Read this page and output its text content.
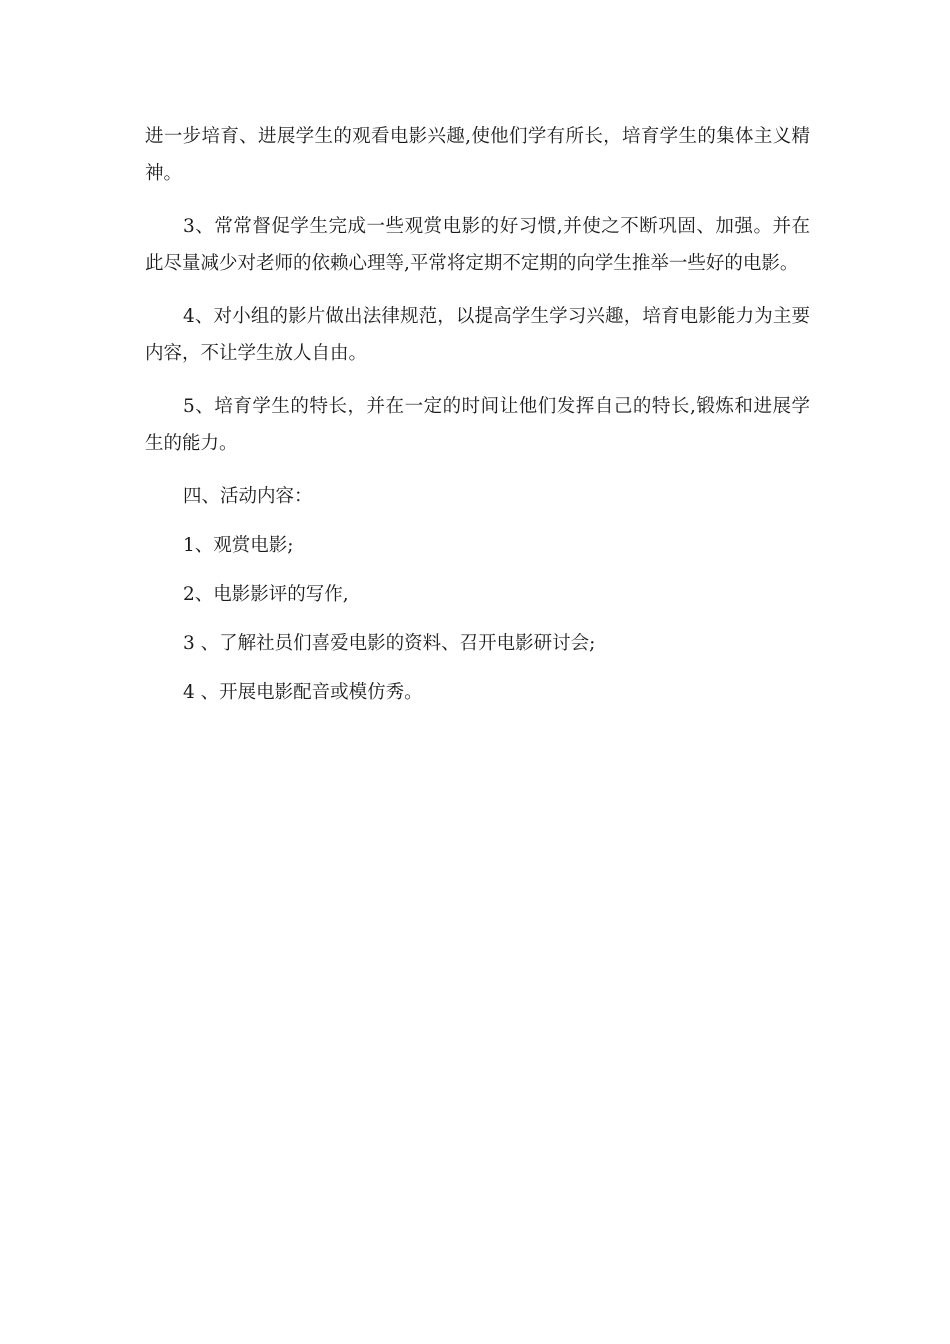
进一步培育、进展学生的观看电影兴趣,使他们学有所长，培育学生的集体主义精神。

3、常常督促学生完成一些观赏电影的好习惯,并使之不断巩固、加强。并在此尽量减少对老师的依赖心理等,平常将定期不定期的向学生推举一些好的电影。

4、对小组的影片做出法律规范，以提高学生学习兴趣，培育电影能力为主要内容，不让学生放人自由。

5、培育学生的特长，并在一定的时间让他们发挥自己的特长,锻炼和进展学生的能力。

四、活动内容：

1、观赏电影;

2、电影影评的写作,

3 、了解社员们喜爱电影的资料、召开电影研讨会;

4 、开展电影配音或模仿秀。
